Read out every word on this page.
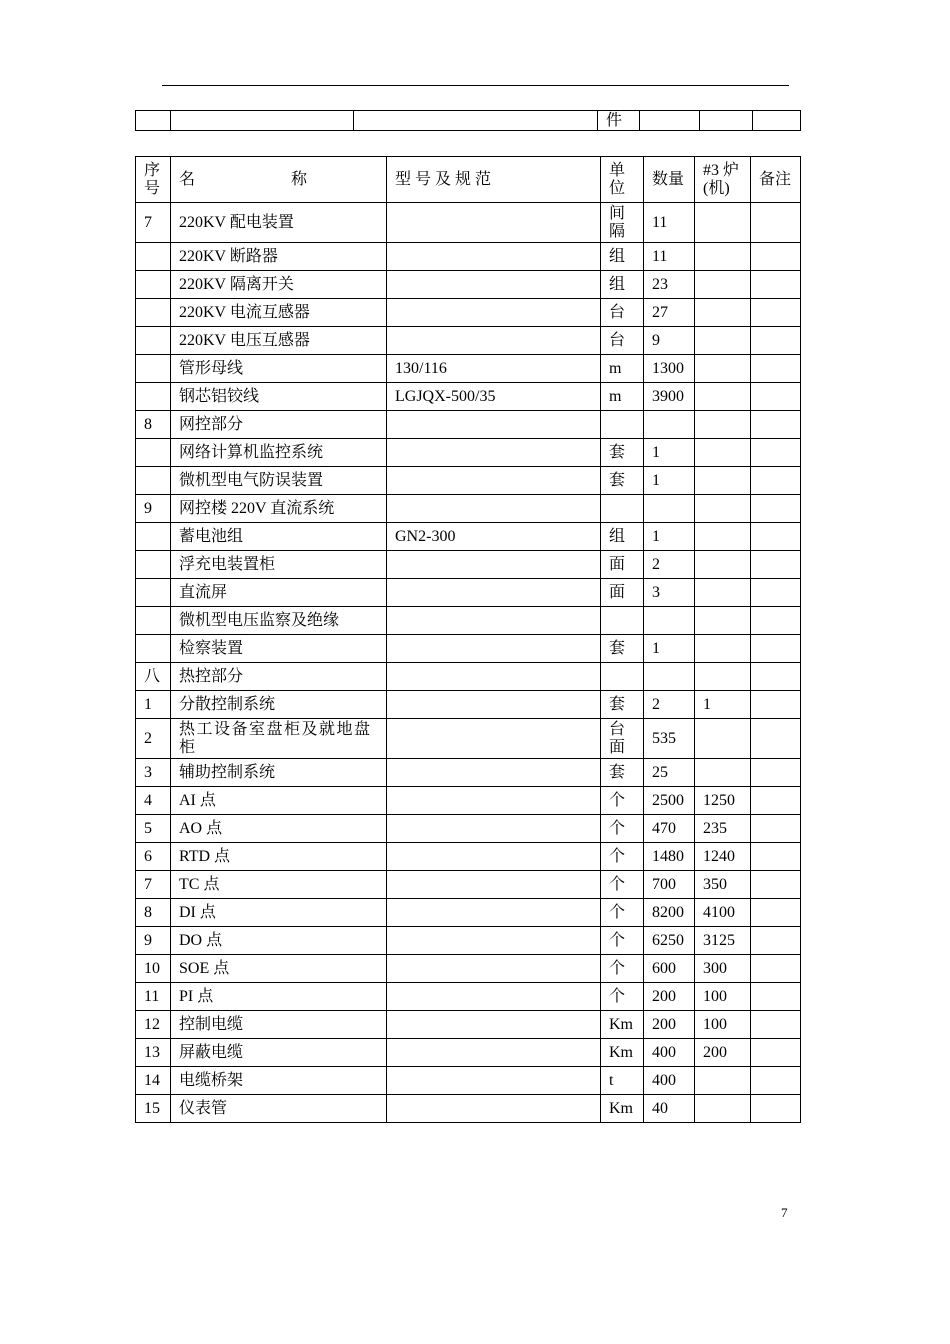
			件			
序号	名 称	型 号 及 规 范	单位	数量	#3 炉(机)	备注
7	220KV 配电装置		间隔	11		
	220KV 断路器		组	11		
	220KV 隔离开关		组	23		
	220KV 电流互感器		台	27		
	220KV 电压互感器		台	9		
	管形母线	130/116	m	1300		
	钢芯铝铰线	LGJQX-500/35	m	3900		
8	网控部分					
	网络计算机监控系统		套	1		
	微机型电气防误装置		套	1		
9	网控楼 220V 直流系统					
	蓄电池组	GN2-300	组	1		
	浮充电装置柜		面	2		
	直流屏		面	3		
	微机型电压监察及绝缘					
	检察装置		套	1		
八	热控部分					
1	分散控制系统		套	2	1	
2	热工设备室盘柜及就地盘柜		台面	535		
3	辅助控制系统		套	25		
4	AI 点		个	2500	1250	
5	AO 点		个	470	235	
6	RTD 点		个	1480	1240	
7	TC 点		个	700	350	
8	DI 点		个	8200	4100	
9	DO 点		个	6250	3125	
10	SOE 点		个	600	300	
11	PI 点		个	200	100	
12	控制电缆		Km	200	100	
13	屏蔽电缆		Km	400	200	
14	电缆桥架		t	400		
15	仪表管		Km	40		
7
